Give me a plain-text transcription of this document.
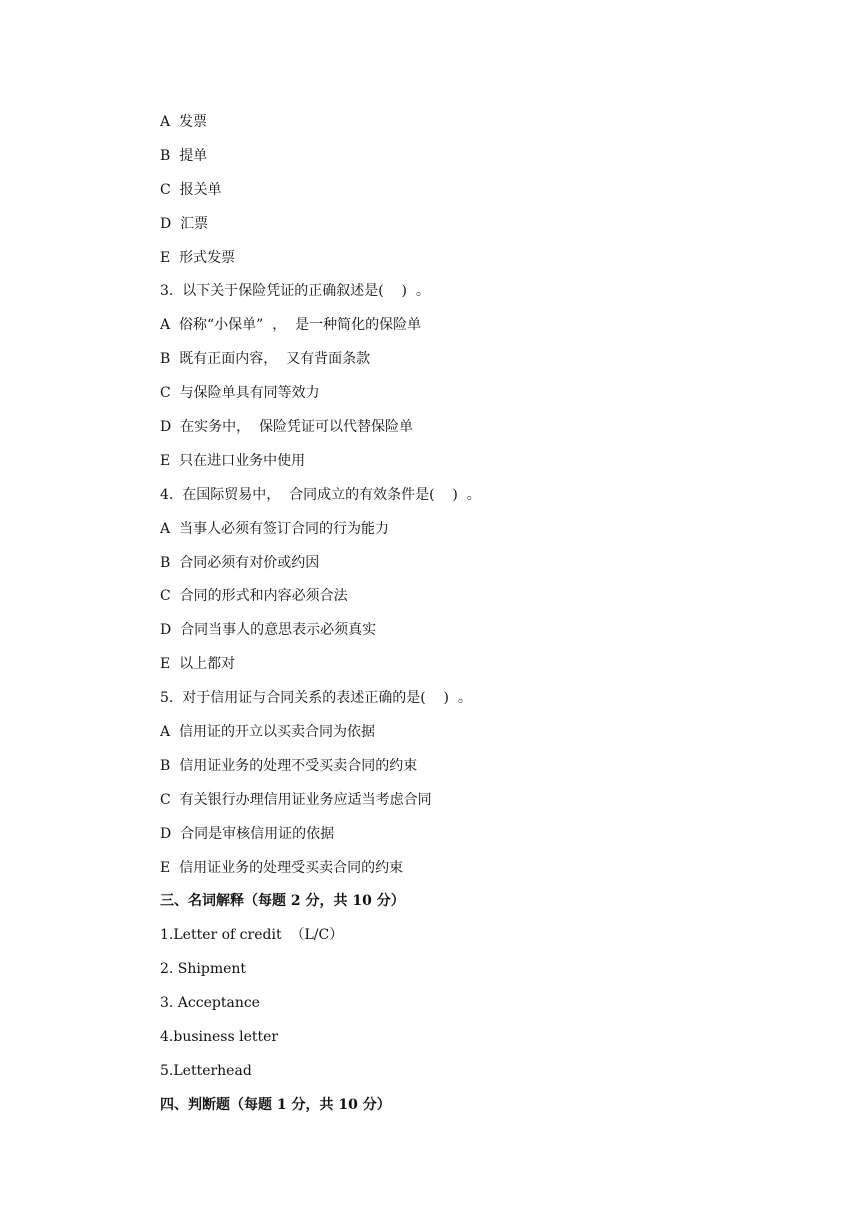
A  发票
B  提单
C  报关单
D  汇票
E  形式发票
3.  以下关于保险凭证的正确叙述是(    )  。
A  俗称“小保单”  ，  是一种简化的保险单
B  既有正面内容，  又有背面条款
C  与保险单具有同等效力
D  在实务中，  保险凭证可以代替保险单
E  只在进口业务中使用
4.  在国际贸易中，  合同成立的有效条件是(    )  。
A  当事人必须有签订合同的行为能力
B  合同必须有对价或约因
C  合同的形式和内容必须合法
D  合同当事人的意思表示必须真实
E  以上都对
5.  对于信用证与合同关系的表述正确的是(    )  。
A  信用证的开立以买卖合同为依据
B  信用证业务的处理不受买卖合同的约束
C  有关银行办理信用证业务应适当考虑合同
D  合同是审核信用证的依据
E  信用证业务的处理受买卖合同的约束
三、名词解释（每题 2 分，共 10 分）
1.Letter of credit  （L/C）
2. Shipment
3. Acceptance
4.business letter
5.Letterhead
四、判断题（每题 1 分，共 10 分）
